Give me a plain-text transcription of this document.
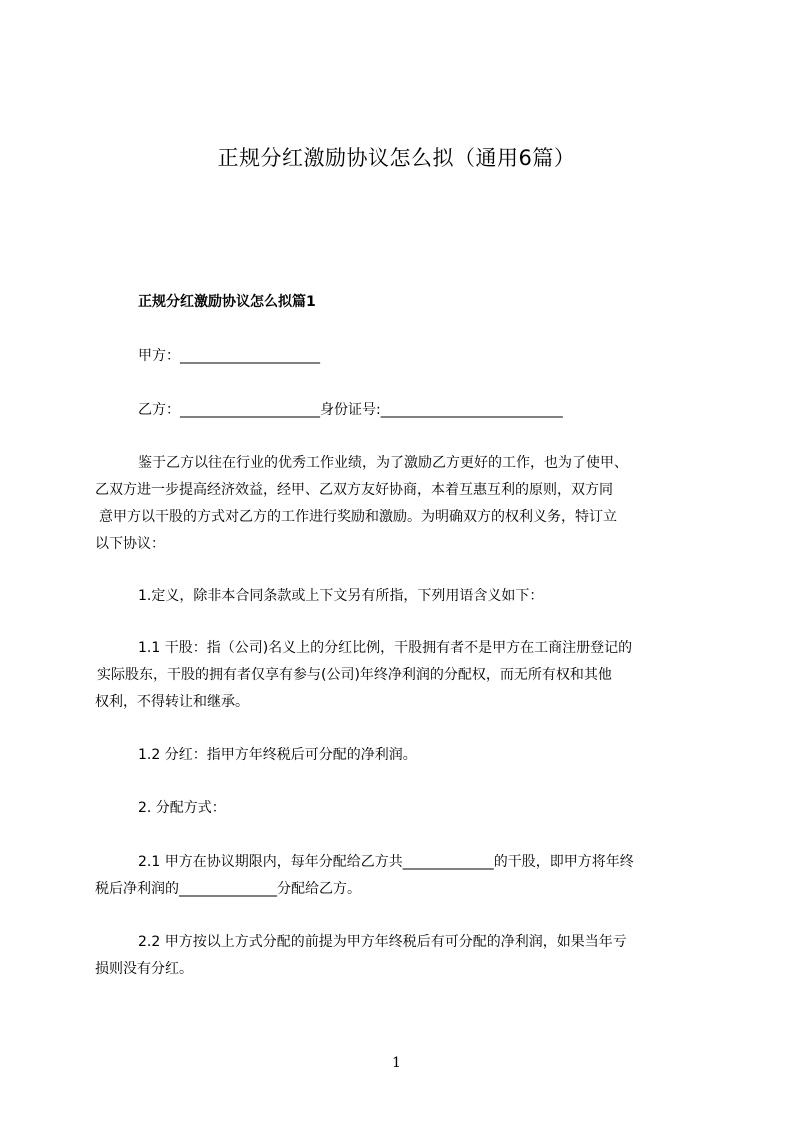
正规分红激励协议怎么拟（通用6篇）
正规分红激励协议怎么拟篇1
甲方：____________________
乙方：____________________身份证号:__________________________
鉴于乙方以往在行业的优秀工作业绩，为了激励乙方更好的工作，也为了使甲、
乙双方进一步提高经济效益，经甲、乙双方友好协商，本着互惠互利的原则，双方同
意甲方以干股的方式对乙方的工作进行奖励和激励。为明确双方的权利义务，特订立
以下协议：
1.定义，除非本合同条款或上下文另有所指，下列用语含义如下：
1.1 干股：指（公司)名义上的分红比例，干股拥有者不是甲方在工商注册登记的
实际股东，干股的拥有者仅享有参与(公司)年终净利润的分配权，而无所有权和其他
权利，不得转让和继承。
1.2 分红：指甲方年终税后可分配的净利润。
2. 分配方式：
2.1 甲方在协议期限内，每年分配给乙方共_____________的干股，即甲方将年终
税后净利润的______________分配给乙方。
2.2 甲方按以上方式分配的前提为甲方年终税后有可分配的净利润，如果当年亏
损则没有分红。
1
